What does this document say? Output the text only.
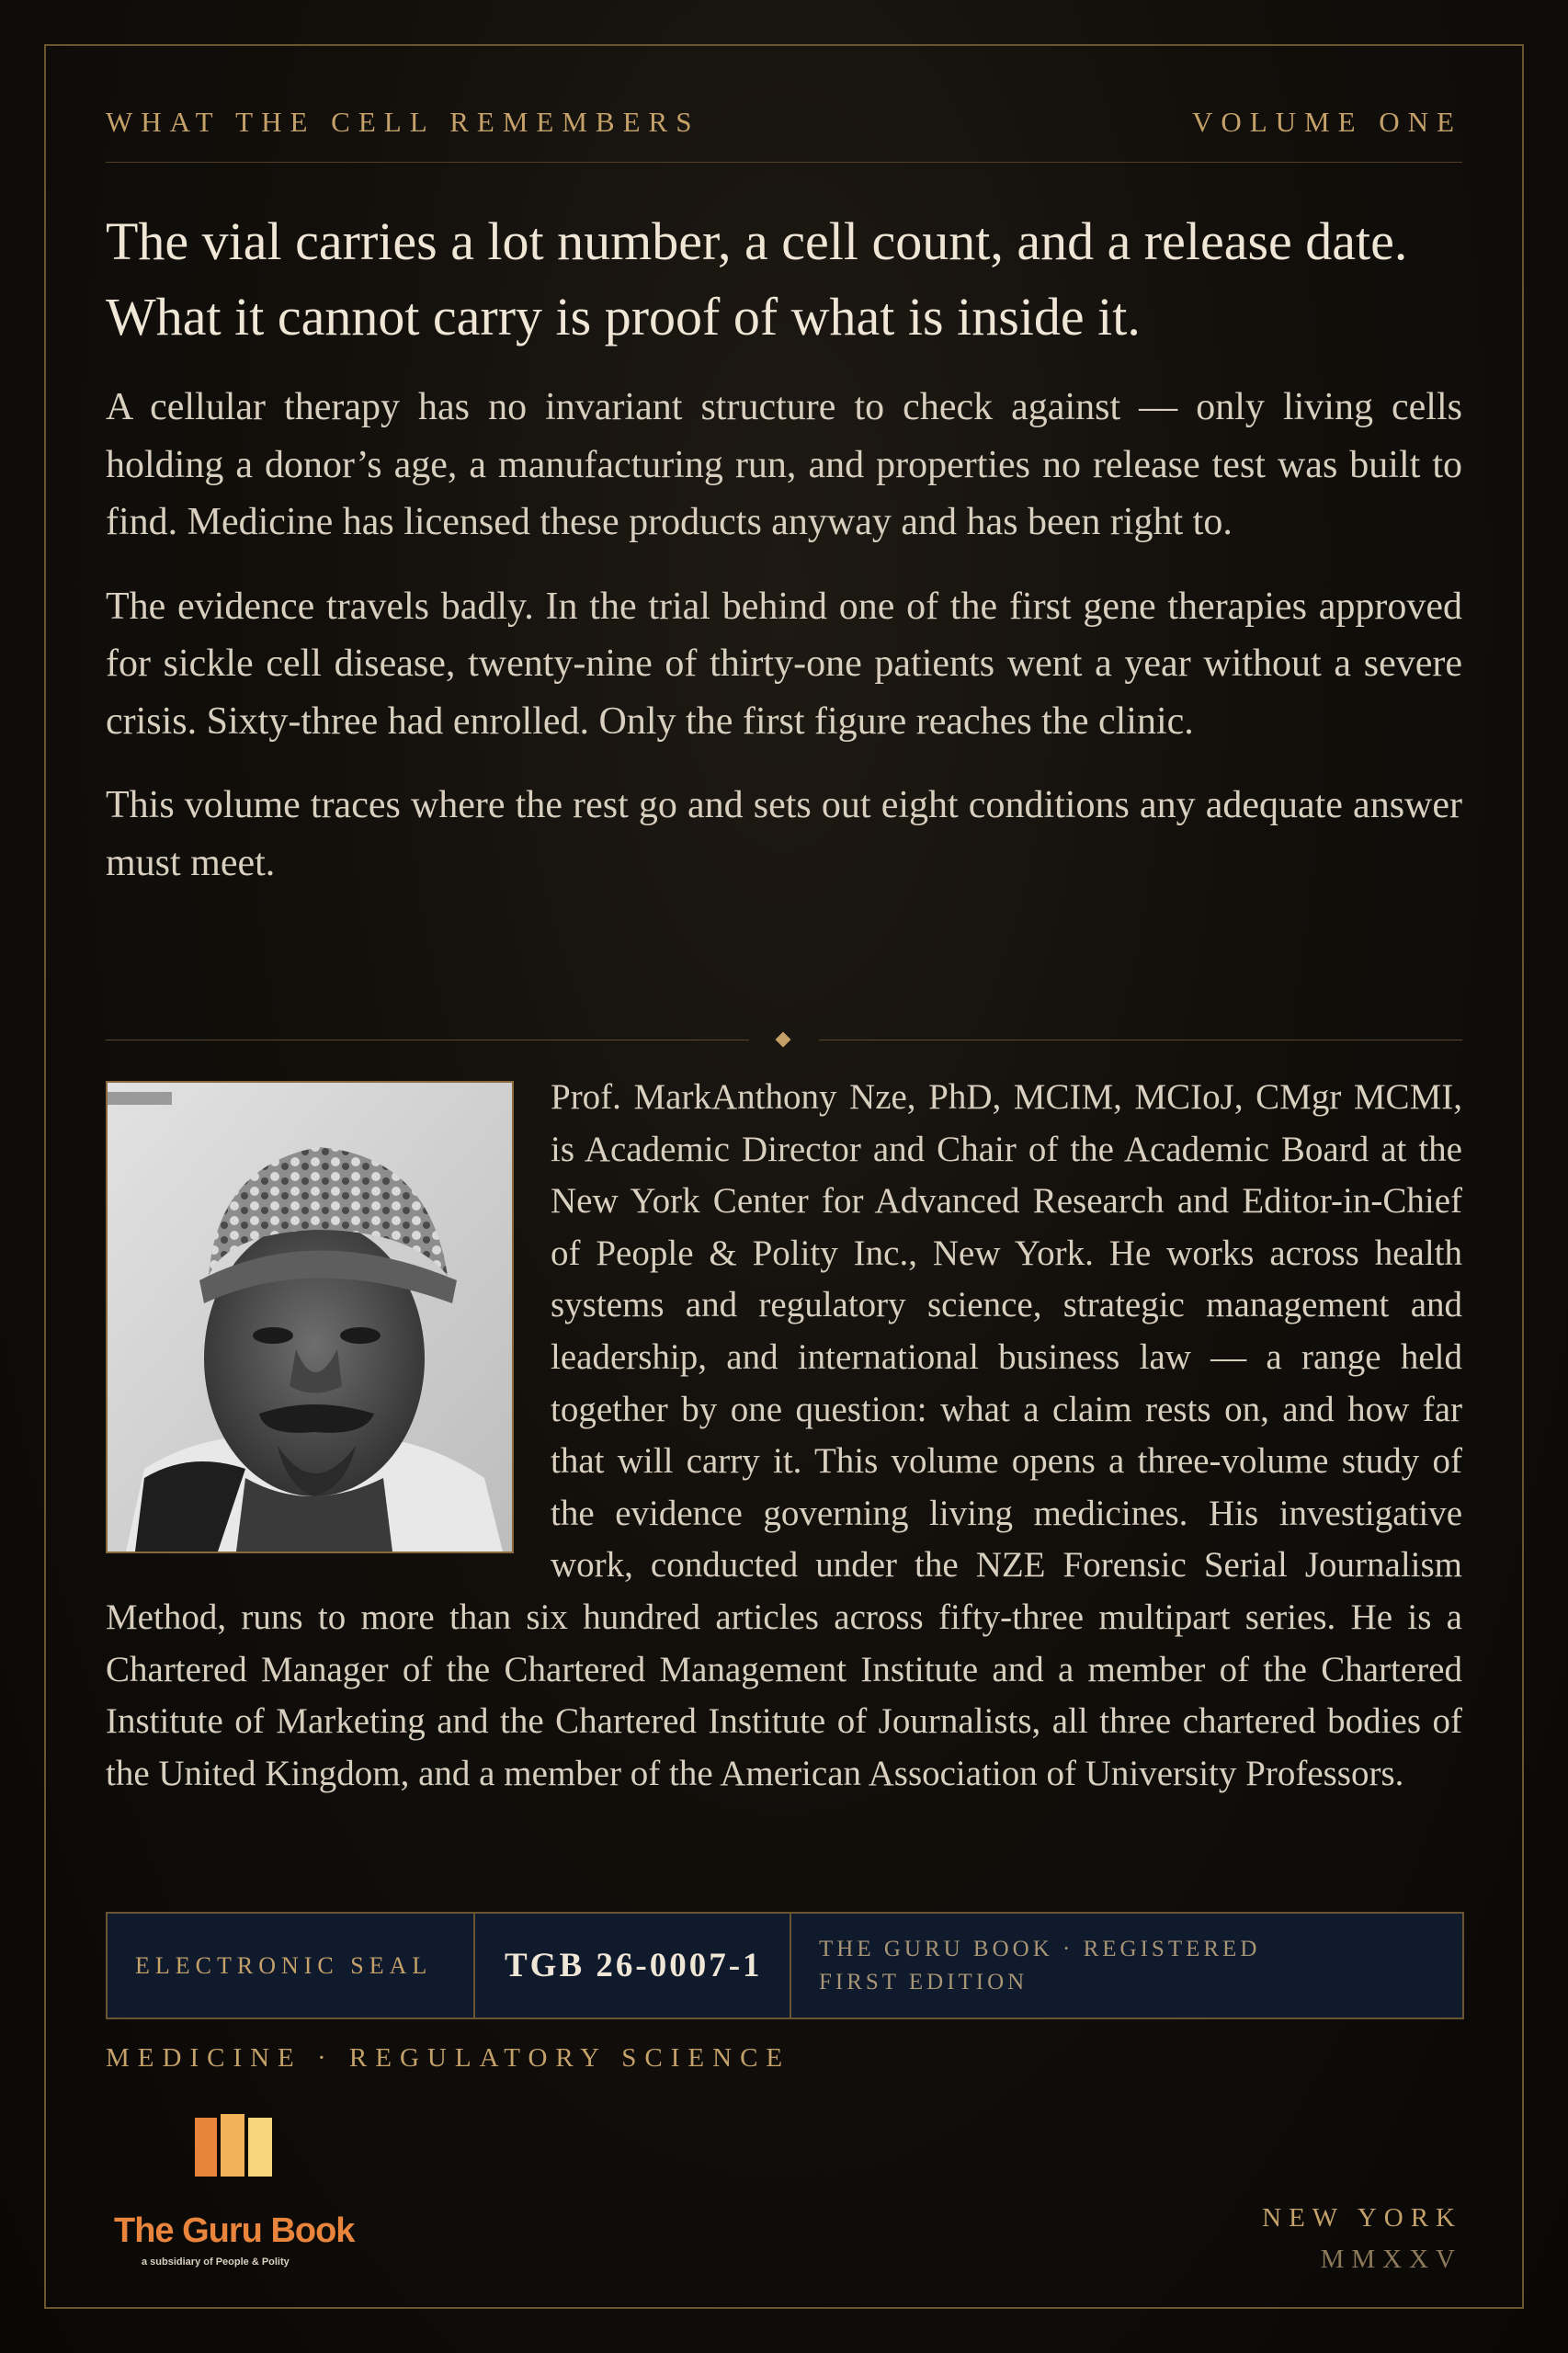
WHAT THE CELL REMEMBERS	VOLUME ONE
The vial carries a lot number, a cell count, and a release date. What it cannot carry is proof of what is inside it.

A cellular therapy has no invariant structure to check against — only living cells holding a donor’s age, a manufacturing run, and properties no release test was built to find. Medicine has licensed these products anyway and has been right to.

The evidence travels badly. In the trial behind one of the first gene therapies approved for sickle cell disease, twenty-nine of thirty-one patients went a year without a severe crisis. Sixty-three had enrolled. Only the first figure reaches the clinic.

This volume traces where the rest go and sets out eight conditions any adequate answer must meet.

Prof. MarkAnthony Nze, PhD, MCIM, MCIoJ, CMgr MCMI, is Academic Director and Chair of the Academic Board at the New York Center for Advanced Research and Editor-in-Chief of People & Polity Inc., New York. He works across health systems and regulatory science, strategic management and leadership, and international business law — a range held together by one question: what a claim rests on, and how far that will carry it. This volume opens a three-volume study of the evidence governing living medicines. His investigative work, conducted under the NZE Forensic Serial Journalism Method, runs to more than six hundred articles across fifty-three multipart series. He is a Chartered Manager of the Chartered Management Institute and a member of the Chartered Institute of Marketing and the Chartered Institute of Journalists, all three chartered bodies of the United Kingdom, and a member of the American Association of University Professors.

ELECTRONIC SEAL	TGB 26-0007-1	THE GURU BOOK · REGISTERED
FIRST EDITION
MEDICINE · REGULATORY SCIENCE
The Guru Book
a subsidiary of People & Polity
NEW YORK
MMXXV
